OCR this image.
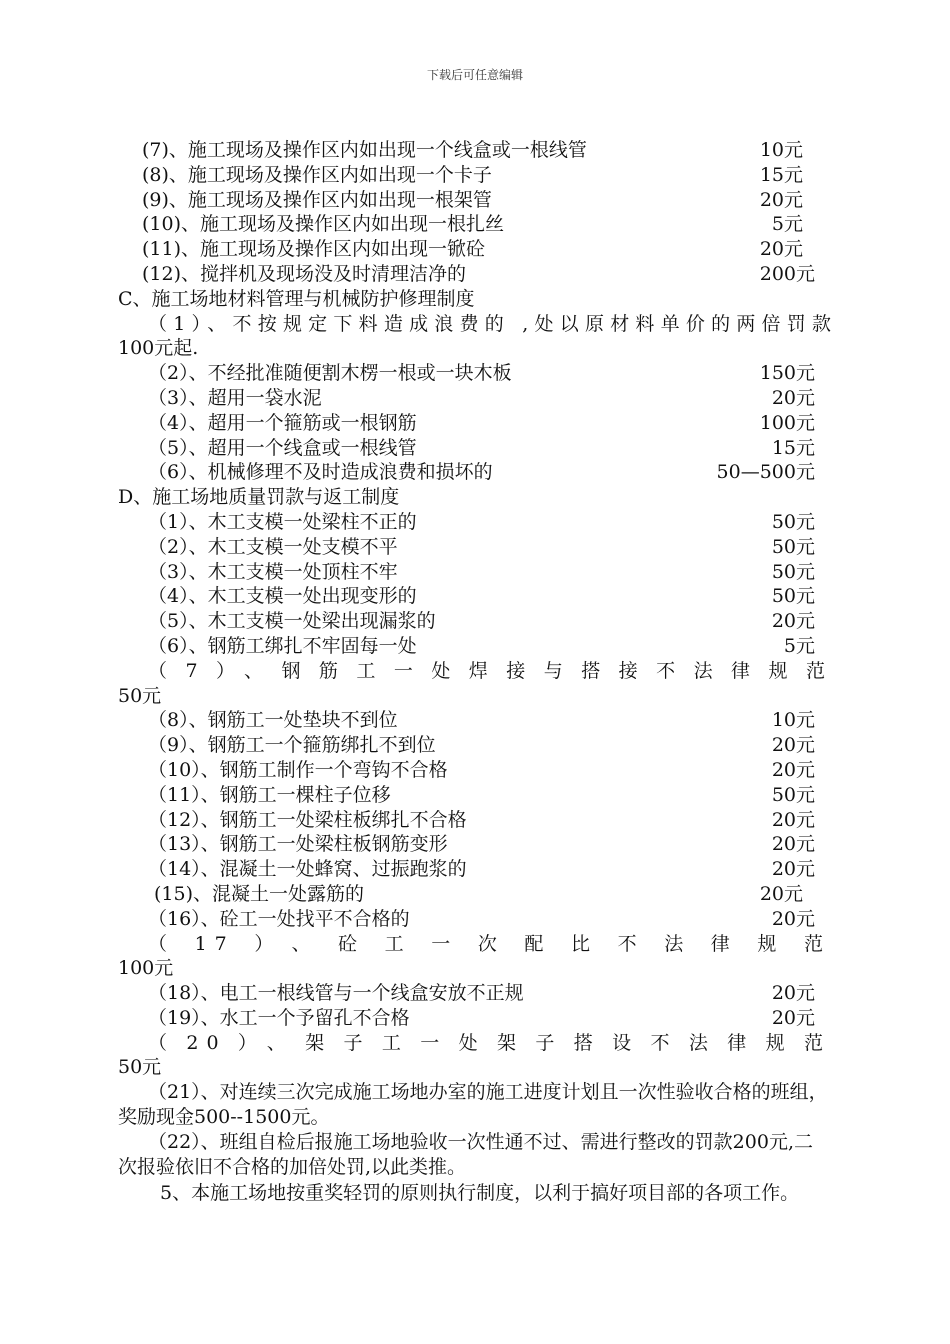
下载后可任意编辑
(7)、施工现场及操作区内如出现一个线盒或一根线管	10元
(8)、施工现场及操作区内如出现一个卡子	15元
(9)、施工现场及操作区内如出现一根架管	20元
(10)、施工现场及操作区内如出现一根扎丝	5元
(11)、施工现场及操作区内如出现一锨砼	20元
(12)、搅拌机及现场没及时清理洁净的	200元
C、施工场地材料管理与机械防护修理制度
（1）、不按规定下料造成浪费的 ,处以原材料单价的两倍罚款
100元起.
（2）、不经批准随便割木楞一根或一块木板	150元
（3）、超用一袋水泥	20元
（4）、超用一个箍筋或一根钢筋	100元
（5）、超用一个线盒或一根线管	15元
（6）、机械修理不及时造成浪费和损坏的	50—500元
D、施工场地质量罚款与返工制度
（1）、木工支模一处梁柱不正的	50元
（2）、木工支模一处支模不平	50元
（3）、木工支模一处顶柱不牢	50元
（4）、木工支模一处出现变形的	50元
（5）、木工支模一处梁出现漏浆的	20元
（6）、钢筋工绑扎不牢固每一处	5元
（7）、钢筋工一处焊接与搭接不法律规范
50元
（8）、钢筋工一处垫块不到位	10元
（9）、钢筋工一个箍筋绑扎不到位	20元
（10）、钢筋工制作一个弯钩不合格	20元
（11）、钢筋工一棵柱子位移	50元
（12）、钢筋工一处梁柱板绑扎不合格	20元
（13）、钢筋工一处梁柱板钢筋变形	20元
（14）、混凝土一处蜂窝、过振跑浆的	20元
(15)、混凝土一处露筋的	20元
（16）、砼工一处找平不合格的	20元
（17）、砼工一次配比不法律规范
100元
（18）、电工一根线管与一个线盒安放不正规	20元
（19）、水工一个予留孔不合格	20元
（20）、架子工一处架子搭设不法律规范
50元
（21）、对连续三次完成施工场地办室的施工进度计划且一次性验收合格的班组，奖励现金500--1500元。
（22）、班组自检后报施工场地验收一次性通不过、需进行整改的罚款200元,二次报验依旧不合格的加倍处罚,以此类推。
5、本施工场地按重奖轻罚的原则执行制度，以利于搞好项目部的各项工作。
